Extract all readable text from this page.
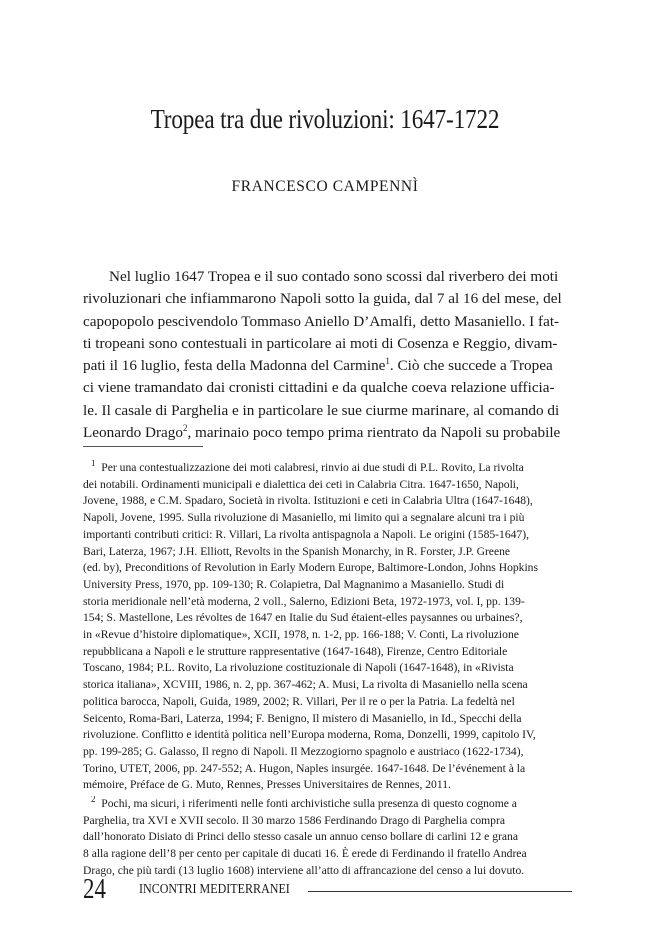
Tropea tra due rivoluzioni: 1647-1722
FRANCESCO CAMPENNÌ
Nel luglio 1647 Tropea e il suo contado sono scossi dal riverbero dei moti
rivoluzionari che infiammarono Napoli sotto la guida, dal 7 al 16 del mese, del
capopopolo pescivendolo Tommaso Aniello D’Amalfi, detto Masaniello. I fat-
ti tropeani sono contestuali in particolare ai moti di Cosenza e Reggio, divam-
pati il 16 luglio, festa della Madonna del Carmine$^1$. Ciò che succede a Tropea
ci viene tramandato dai cronisti cittadini e da qualche coeva relazione ufficia-
le. Il casale di Parghelia e in particolare le sue ciurme marinare, al comando di
Leonardo Drago$^2$, marinaio poco tempo prima rientrato da Napoli su probabile
$^1$ Per una contestualizzazione dei moti calabresi, rinvio ai due studi di P.L. Rovito, La rivolta
dei notabili. Ordinamenti municipali e dialettica dei ceti in Calabria Citra. 1647-1650, Napoli,
Jovene, 1988, e C.M. Spadaro, Società in rivolta. Istituzioni e ceti in Calabria Ultra (1647-1648),
Napoli, Jovene, 1995. Sulla rivoluzione di Masaniello, mi limito qui a segnalare alcuni tra i più
importanti contributi critici: R. Villari, La rivolta antispagnola a Napoli. Le origini (1585-1647),
Bari, Laterza, 1967; J.H. Elliott, Revolts in the Spanish Monarchy, in R. Forster, J.P. Greene
(ed. by), Preconditions of Revolution in Early Modern Europe, Baltimore-London, Johns Hopkins
University Press, 1970, pp. 109-130; R. Colapietra, Dal Magnanimo a Masaniello. Studi di
storia meridionale nell’età moderna, 2 voll., Salerno, Edizioni Beta, 1972-1973, vol. I, pp. 139-
154; S. Mastellone, Les révoltes de 1647 en Italie du Sud étaient-elles paysannes ou urbaines?,
in «Revue d’histoire diplomatique», XCII, 1978, n. 1-2, pp. 166-188; V. Conti, La rivoluzione
repubblicana a Napoli e le strutture rappresentative (1647-1648), Firenze, Centro Editoriale
Toscano, 1984; P.L. Rovito, La rivoluzione costituzionale di Napoli (1647-1648), in «Rivista
storica italiana», XCVIII, 1986, n. 2, pp. 367-462; A. Musi, La rivolta di Masaniello nella scena
politica barocca, Napoli, Guida, 1989, 2002; R. Villari, Per il re o per la Patria. La fedeltà nel
Seicento, Roma-Bari, Laterza, 1994; F. Benigno, Il mistero di Masaniello, in Id., Specchi della
rivoluzione. Conflitto e identità politica nell’Europa moderna, Roma, Donzelli, 1999, capitolo IV,
pp. 199-285; G. Galasso, Il regno di Napoli. Il Mezzogiorno spagnolo e austriaco (1622-1734),
Torino, UTET, 2006, pp. 247-552; A. Hugon, Naples insurgée. 1647-1648. De l’événement à la
mémoire, Préface de G. Muto, Rennes, Presses Universitaires de Rennes, 2011.
$^2$ Pochi, ma sicuri, i riferimenti nelle fonti archivistiche sulla presenza di questo cognome a
Parghelia, tra XVI e XVII secolo. Il 30 marzo 1586 Ferdinando Drago di Parghelia compra
dall’honorato Disiato di Princi dello stesso casale un annuo censo bollare di carlini 12 e grana
8 alla ragione dell’8 per cento per capitale di ducati 16. È erede di Ferdinando il fratello Andrea
Drago, che più tardi (13 luglio 1608) interviene all’atto di affrancazione del censo a lui dovuto.
24 INCONTRI MEDITERRANEI
